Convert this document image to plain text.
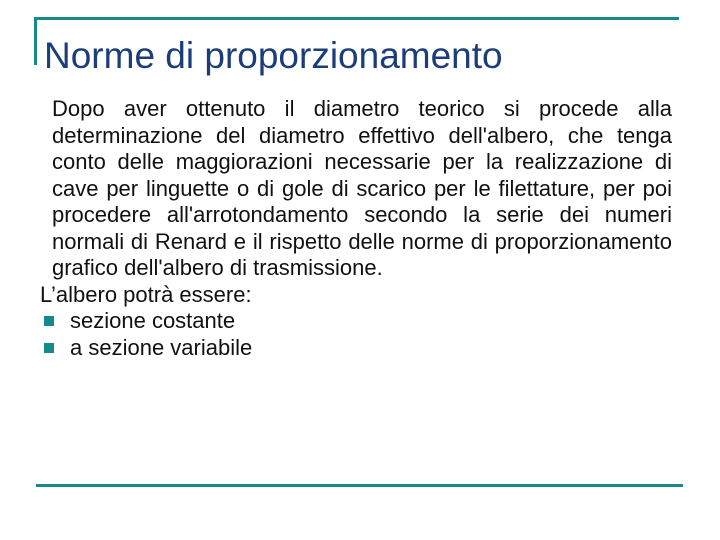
Norme di proporzionamento

Dopo aver ottenuto il diametro teorico si procede alla determinazione del diametro effettivo dell'albero, che tenga conto delle maggiorazioni necessarie per la realizzazione di cave per linguette o di gole di scarico per le filettature, per poi procedere all'arrotondamento secondo la serie dei numeri normali di Renard e il rispetto delle norme di proporzionamento grafico dell'albero di trasmissione.

L’albero potrà essere:

sezione costante
a sezione variabile
